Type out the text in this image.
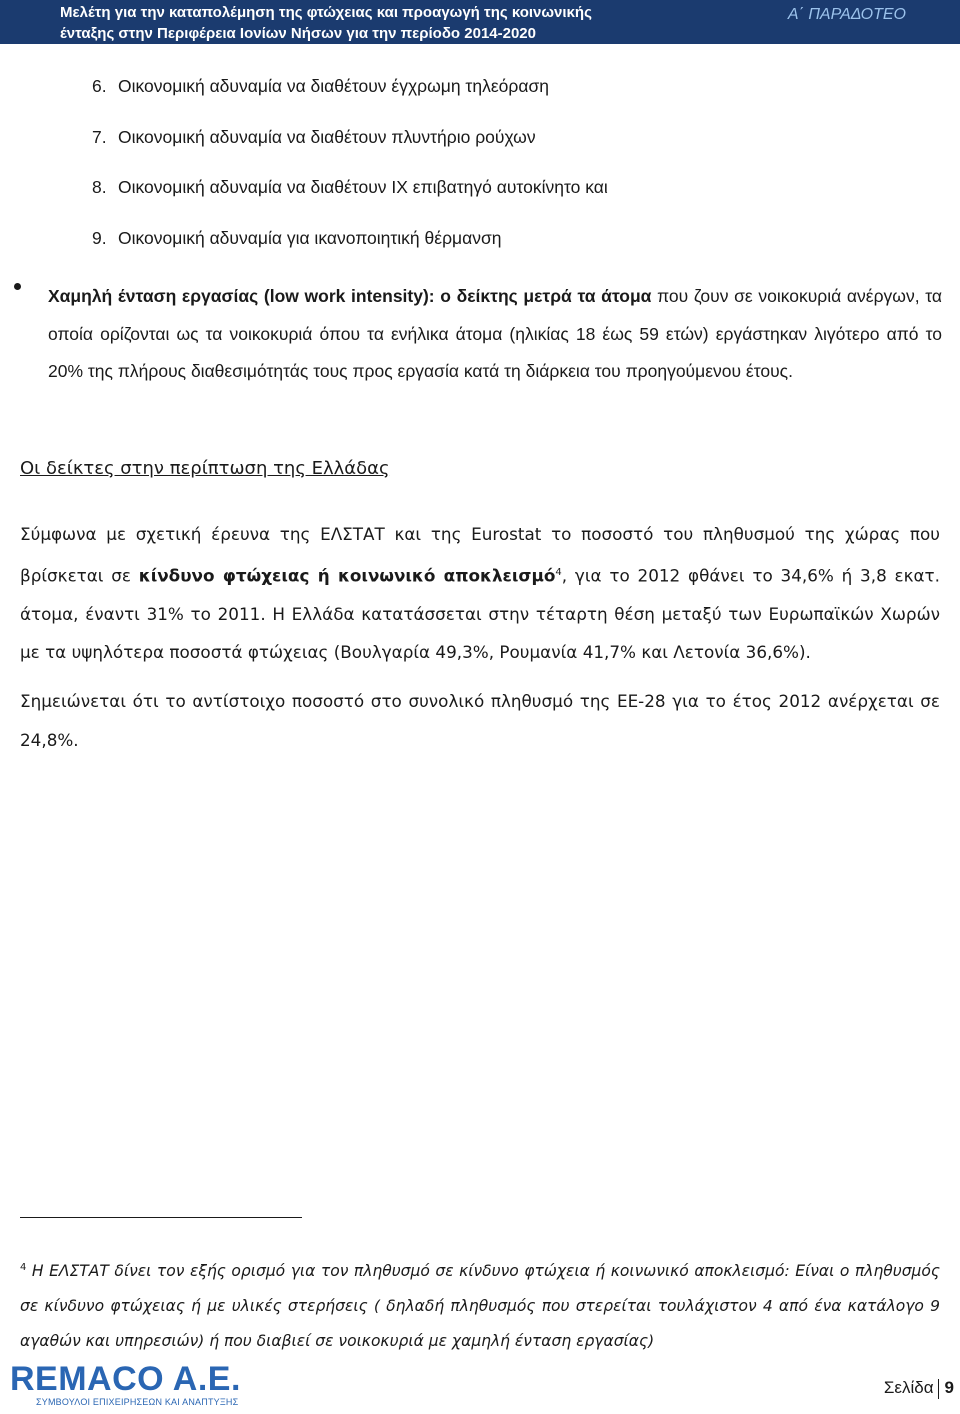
Μελέτη για την καταπολέμηση της φτώχειας και προαγωγή της κοινωνικής
ένταξης στην Περιφέρεια Ιονίων Νήσων για την περίοδο 2014-2020
Α΄ ΠΑΡΑΔΟΤΕΟ
6. Οικονομική αδυναμία να διαθέτουν έγχρωμη τηλεόραση
7. Οικονομική αδυναμία να διαθέτουν πλυντήριο ρούχων
8. Οικονομική αδυναμία να διαθέτουν ΙΧ επιβατηγό αυτοκίνητο και
9. Οικονομική αδυναμία για ικανοποιητική θέρμανση
Χαμηλή ένταση εργασίας (low work intensity): ο δείκτης μετρά τα άτομα που ζουν σε νοικοκυριά ανέργων, τα οποία ορίζονται ως τα νοικοκυριά όπου τα ενήλικα άτομα (ηλικίας 18 έως 59 ετών) εργάστηκαν λιγότερο από το 20% της πλήρους διαθεσιμότητάς τους προς εργασία κατά τη διάρκεια του προηγούμενου έτους.
Οι δείκτες στην περίπτωση της Ελλάδας
Σύμφωνα με σχετική έρευνα της ΕΛΣΤΑΤ και της Eurostat το ποσοστό του πληθυσμού της χώρας που βρίσκεται σε κίνδυνο φτώχειας ή κοινωνικό αποκλεισμό$^4$, για το 2012 φθάνει το 34,6% ή 3,8 εκατ. άτομα, έναντι 31% το 2011. Η Ελλάδα κατατάσσεται στην τέταρτη θέση μεταξύ των Ευρωπαϊκών Χωρών με τα υψηλότερα ποσοστά φτώχειας (Βουλγαρία 49,3%, Ρουμανία 41,7% και Λετονία 36,6%).
Σημειώνεται ότι το αντίστοιχο ποσοστό στο συνολικό πληθυσμό της ΕΕ-28 για το έτος 2012 ανέρχεται σε 24,8%.
$^4$ Η ΕΛΣΤΑΤ δίνει τον εξής ορισμό για τον πληθυσμό σε κίνδυνο φτώχεια ή κοινωνικό αποκλεισμό: Είναι ο πληθυσμός σε κίνδυνο φτώχειας ή με υλικές στερήσεις ( δηλαδή πληθυσμός που στερείται τουλάχιστον 4 από ένα κατάλογο 9 αγαθών και υπηρεσιών) ή που διαβιεί σε νοικοκυριά με χαμηλή ένταση εργασίας)
REMACO A.E.
ΣΥΜΒΟΥΛΟΙ ΕΠΙΧΕΙΡΗΣΕΩΝ ΚΑΙ ΑΝΑΠΤΥΞΗΣ
Σελίδα 9
